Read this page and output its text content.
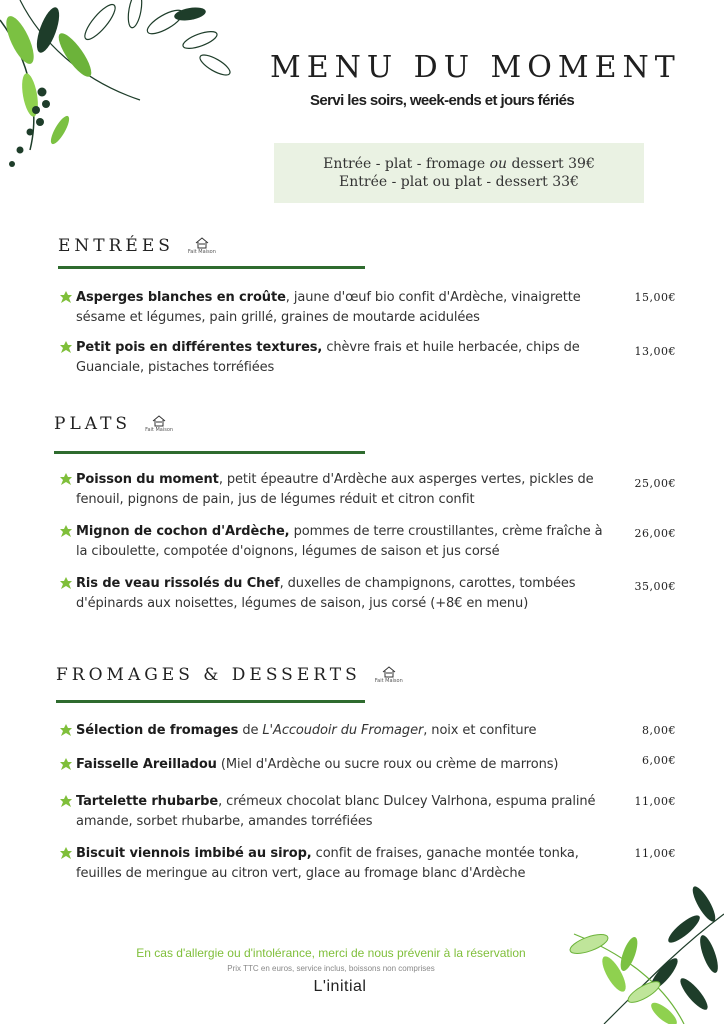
MENU DU MOMENT

Servi les soirs, week-ends et jours fériés

Entrée - plat - fromage ou dessert 39€
Entrée - plat ou plat - dessert 33€
ENTRÉES	Fait Maison
Asperges blanches en croûte, jaune d'œuf bio confit d'Ardèche, vinaigrette sésame et légumes, pain grillé, graines de moutarde acidulées
15,00€
Petit pois en différentes textures, chèvre frais et huile herbacée, chips de Guanciale, pistaches torréfiées
13,00€
PLATS	Fait Maison
Poisson du moment, petit épeautre d'Ardèche aux asperges vertes, pickles de fenouil, pignons de pain, jus de légumes réduit et citron confit
25,00€
Mignon de cochon d'Ardèche, pommes de terre croustillantes, crème fraîche à la ciboulette, compotée d'oignons, légumes de saison et jus corsé
26,00€
Ris de veau rissolés du Chef, duxelles de champignons, carottes, tombées d'épinards aux noisettes, légumes de saison, jus corsé (+8€ en menu)
35,00€
FROMAGES & DESSERTS	Fait Maison
Sélection de fromages de L'Accoudoir du Fromager, noix et confiture	8,00€
Faisselle Areilladou (Miel d'Ardèche ou sucre roux ou crème de marrons)	6,00€
Tartelette rhubarbe, crémeux chocolat blanc Dulcey Valrhona, espuma praliné amande, sorbet rhubarbe, amandes torréfiées
11,00€
Biscuit viennois imbibé au sirop, confit de fraises, ganache montée tonka, feuilles de meringue au citron vert, glace au fromage blanc d'Ardèche
11,00€
En cas d'allergie ou d'intolérance, merci de nous prévenir à la réservation
Prix TTC en euros, service inclus, boissons non comprises
L'initial
